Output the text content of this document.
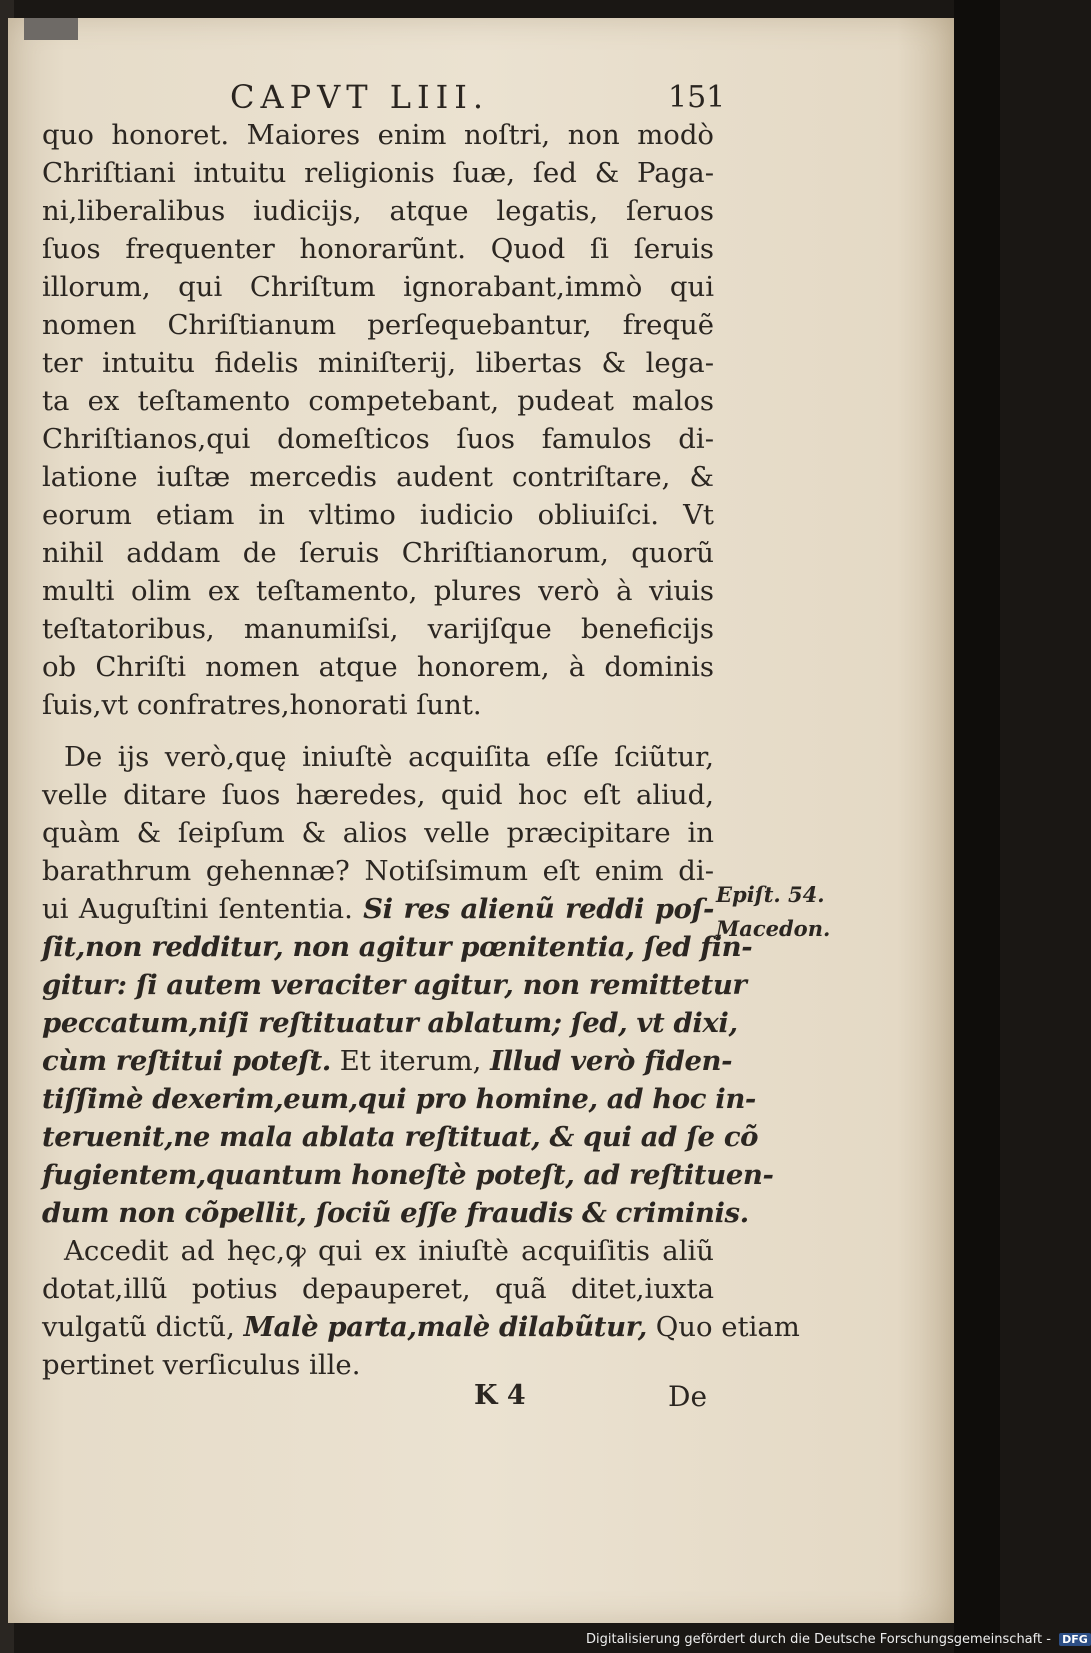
CAPVT LIII.	151
quo honoret. Maiores enim noſtri, non modò
Chriſtiani intuitu religionis ſuæ, ſed & Paga-
ni,liberalibus iudicijs, atque legatis, ſeruos
ſuos frequenter honorarũnt. Quod ſi ſeruis
illorum, qui Chriſtum ignorabant,immò qui
nomen Chriſtianum perſequebantur, frequẽ
ter intuitu fidelis miniſterij, libertas & lega-
ta ex teſtamento competebant, pudeat malos
Chriſtianos,qui domeſticos ſuos famulos di-
latione iuſtæ mercedis audent contriſtare, &
eorum etiam in vltimo iudicio obliuiſci. Vt
nihil addam de ſeruis Chriſtianorum, quorũ
multi olim ex teſtamento, plures verò à viuis
teſtatoribus, manumiſsi, varijſque beneficijs
ob Chriſti nomen atque honorem, à dominis
ſuis,vt confratres,honorati ſunt.
De ijs verò,quę iniuſtè acquiſita eſſe ſciũtur,
velle ditare ſuos hæredes, quid hoc eſt aliud,
quàm & ſeipſum & alios velle præcipitare in
barathrum gehennæ? Notiſsimum eſt enim di-
ui Auguſtini ſententia. Si res alienũ reddi poſ-
ſit,non redditur, non agitur pœnitentia, ſed fin-
gitur: ſi autem veraciter agitur, non remittetur
peccatum,niſi reſtituatur ablatum; ſed, vt dixi,
cùm reſtitui poteſt. Et iterum, Illud verò fiden-
tiſſimè dexerim,eum,qui pro homine, ad hoc in-
teruenit,ne mala ablata reſtituat, & qui ad ſe cõ
fugientem,quantum honeſtè poteſt, ad reſtituen-
dum non cõpellit, ſociũ eſſe fraudis & criminis.
Accedit ad hęc,ꝙ qui ex iniuſtè acquiſitis aliũ
dotat,illũ potius depauperet, quã ditet,iuxta
vulgatũ dictũ, Malè parta,malè dilabũtur, Quo etiam
pertinet verſiculus ille.
Epiſt. 54.
Macedon.
K 4	De
Digitalisierung gefördert durch die Deutsche Forschungsgemeinschaft - DFG
